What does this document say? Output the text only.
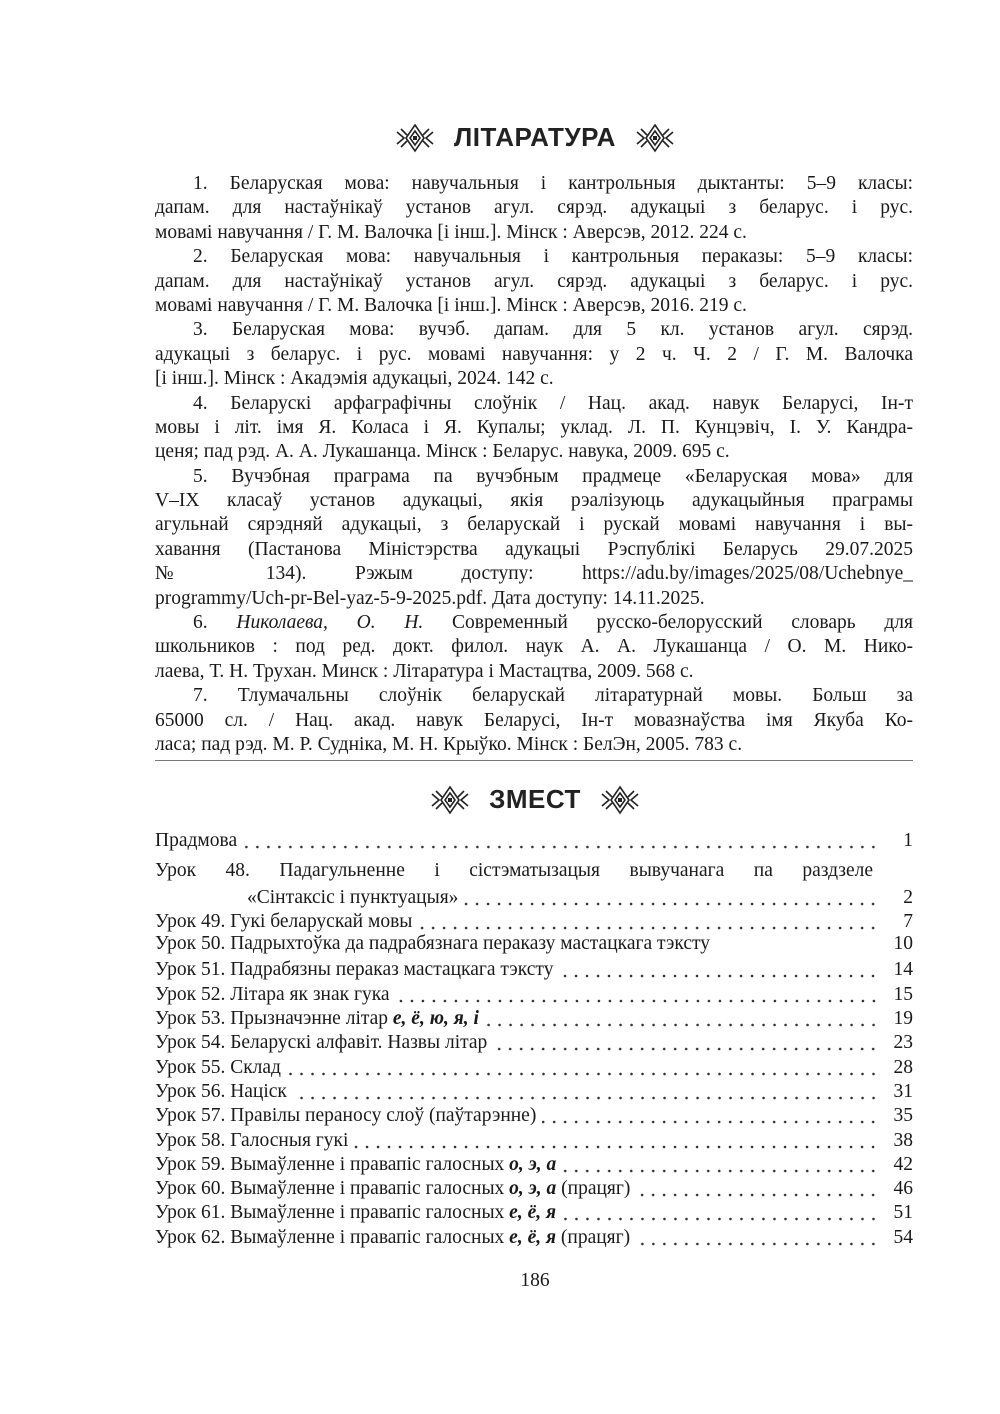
ЛІТАРАТУРА
1. Беларуская мова: навучальныя і кантрольныя дыктанты: 5–9 класы:
дапам. для настаўнікаў установ агул. сярэд. адукацыі з беларус. і рус.
мовамі навучання / Г. М. Валочка [і інш.]. Мінск : Аверсэв, 2012. 224 с.
2. Беларуская мова: навучальныя і кантрольныя пераказы: 5–9 класы:
дапам. для настаўнікаў установ агул. сярэд. адукацыі з беларус. і рус.
мовамі навучання / Г. М. Валочка [і інш.]. Мінск : Аверсэв, 2016. 219 с.
3. Беларуская мова: вучэб. дапам. для 5 кл. установ агул. сярэд.
адукацыі з беларус. і рус. мовамі навучання: у 2 ч. Ч. 2 / Г. М. Валочка
[і інш.]. Мінск : Акадэмія адукацыі, 2024. 142 с.
4. Беларускі арфаграфічны слоўнік / Нац. акад. навук Беларусі, Ін-т
мовы і літ. імя Я. Коласа і Я. Купалы; уклад. Л. П. Кунцэвіч, І. У. Кандра-
ценя; пад рэд. А. А. Лукашанца. Мінск : Беларус. навука, 2009. 695 с.
5. Вучэбная праграма па вучэбным прадмеце «Беларуская мова» для
V–IX класаў установ адукацыі, якія рэалізуюць адукацыйныя праграмы
агульнай сярэдняй адукацыі, з беларускай і рускай мовамі навучання і вы-
хавання (Пастанова Міністэрства адукацыі Рэспублікі Беларусь 29.07.2025
№ 134). Рэжым доступу: https://adu.by/images/2025/08/Uchebnye_
programmy/Uch-pr-Bel-yaz-5-9-2025.pdf. Дата доступу: 14.11.2025.
6. Николаева, О. Н. Современный русско-белорусский словарь для
школьников : под ред. докт. филол. наук А. А. Лукашанца / О. М. Нико-
лаева, Т. Н. Трухан. Минск : Літаратура і Мастацтва, 2009. 568 с.
7. Тлумачальны слоўнік беларускай літаратурнай мовы. Больш за
65000 сл. / Нац. акад. навук Беларусі, Ін-т мовазнаўства імя Якуба Ко-
ласа; пад рэд. М. Р. Судніка, М. Н. Крыўко. Мінск : БелЭн, 2005. 783 с.
ЗМЕСТ
Прадмова	1
Урок 48. Падагульненне і сістэматызацыя вывучанага па раздзеле
«Сінтаксіс і пунктуацыя»	2
Урок 49. Гукі беларускай мовы	7
Урок 50. Падрыхтоўка да падрабязнага пераказу мастацкага тэксту	10
Урок 51. Падрабязны пераказ мастацкага тэксту	14
Урок 52. Літара як знак гука	15
Урок 53. Прызначэнне літар е, ё, ю, я, і	19
Урок 54. Беларускі алфавіт. Назвы літар	23
Урок 55. Склад	28
Урок 56. Націск	31
Урок 57. Правілы пераносу слоў (паўтарэнне)	35
Урок 58. Галосныя гукі	38
Урок 59. Вымаўленне і правапіс галосных о, э, а	42
Урок 60. Вымаўленне і правапіс галосных о, э, а (працяг)	46
Урок 61. Вымаўленне і правапіс галосных е, ё, я	51
Урок 62. Вымаўленне і правапіс галосных е, ё, я (працяг)	54
186
